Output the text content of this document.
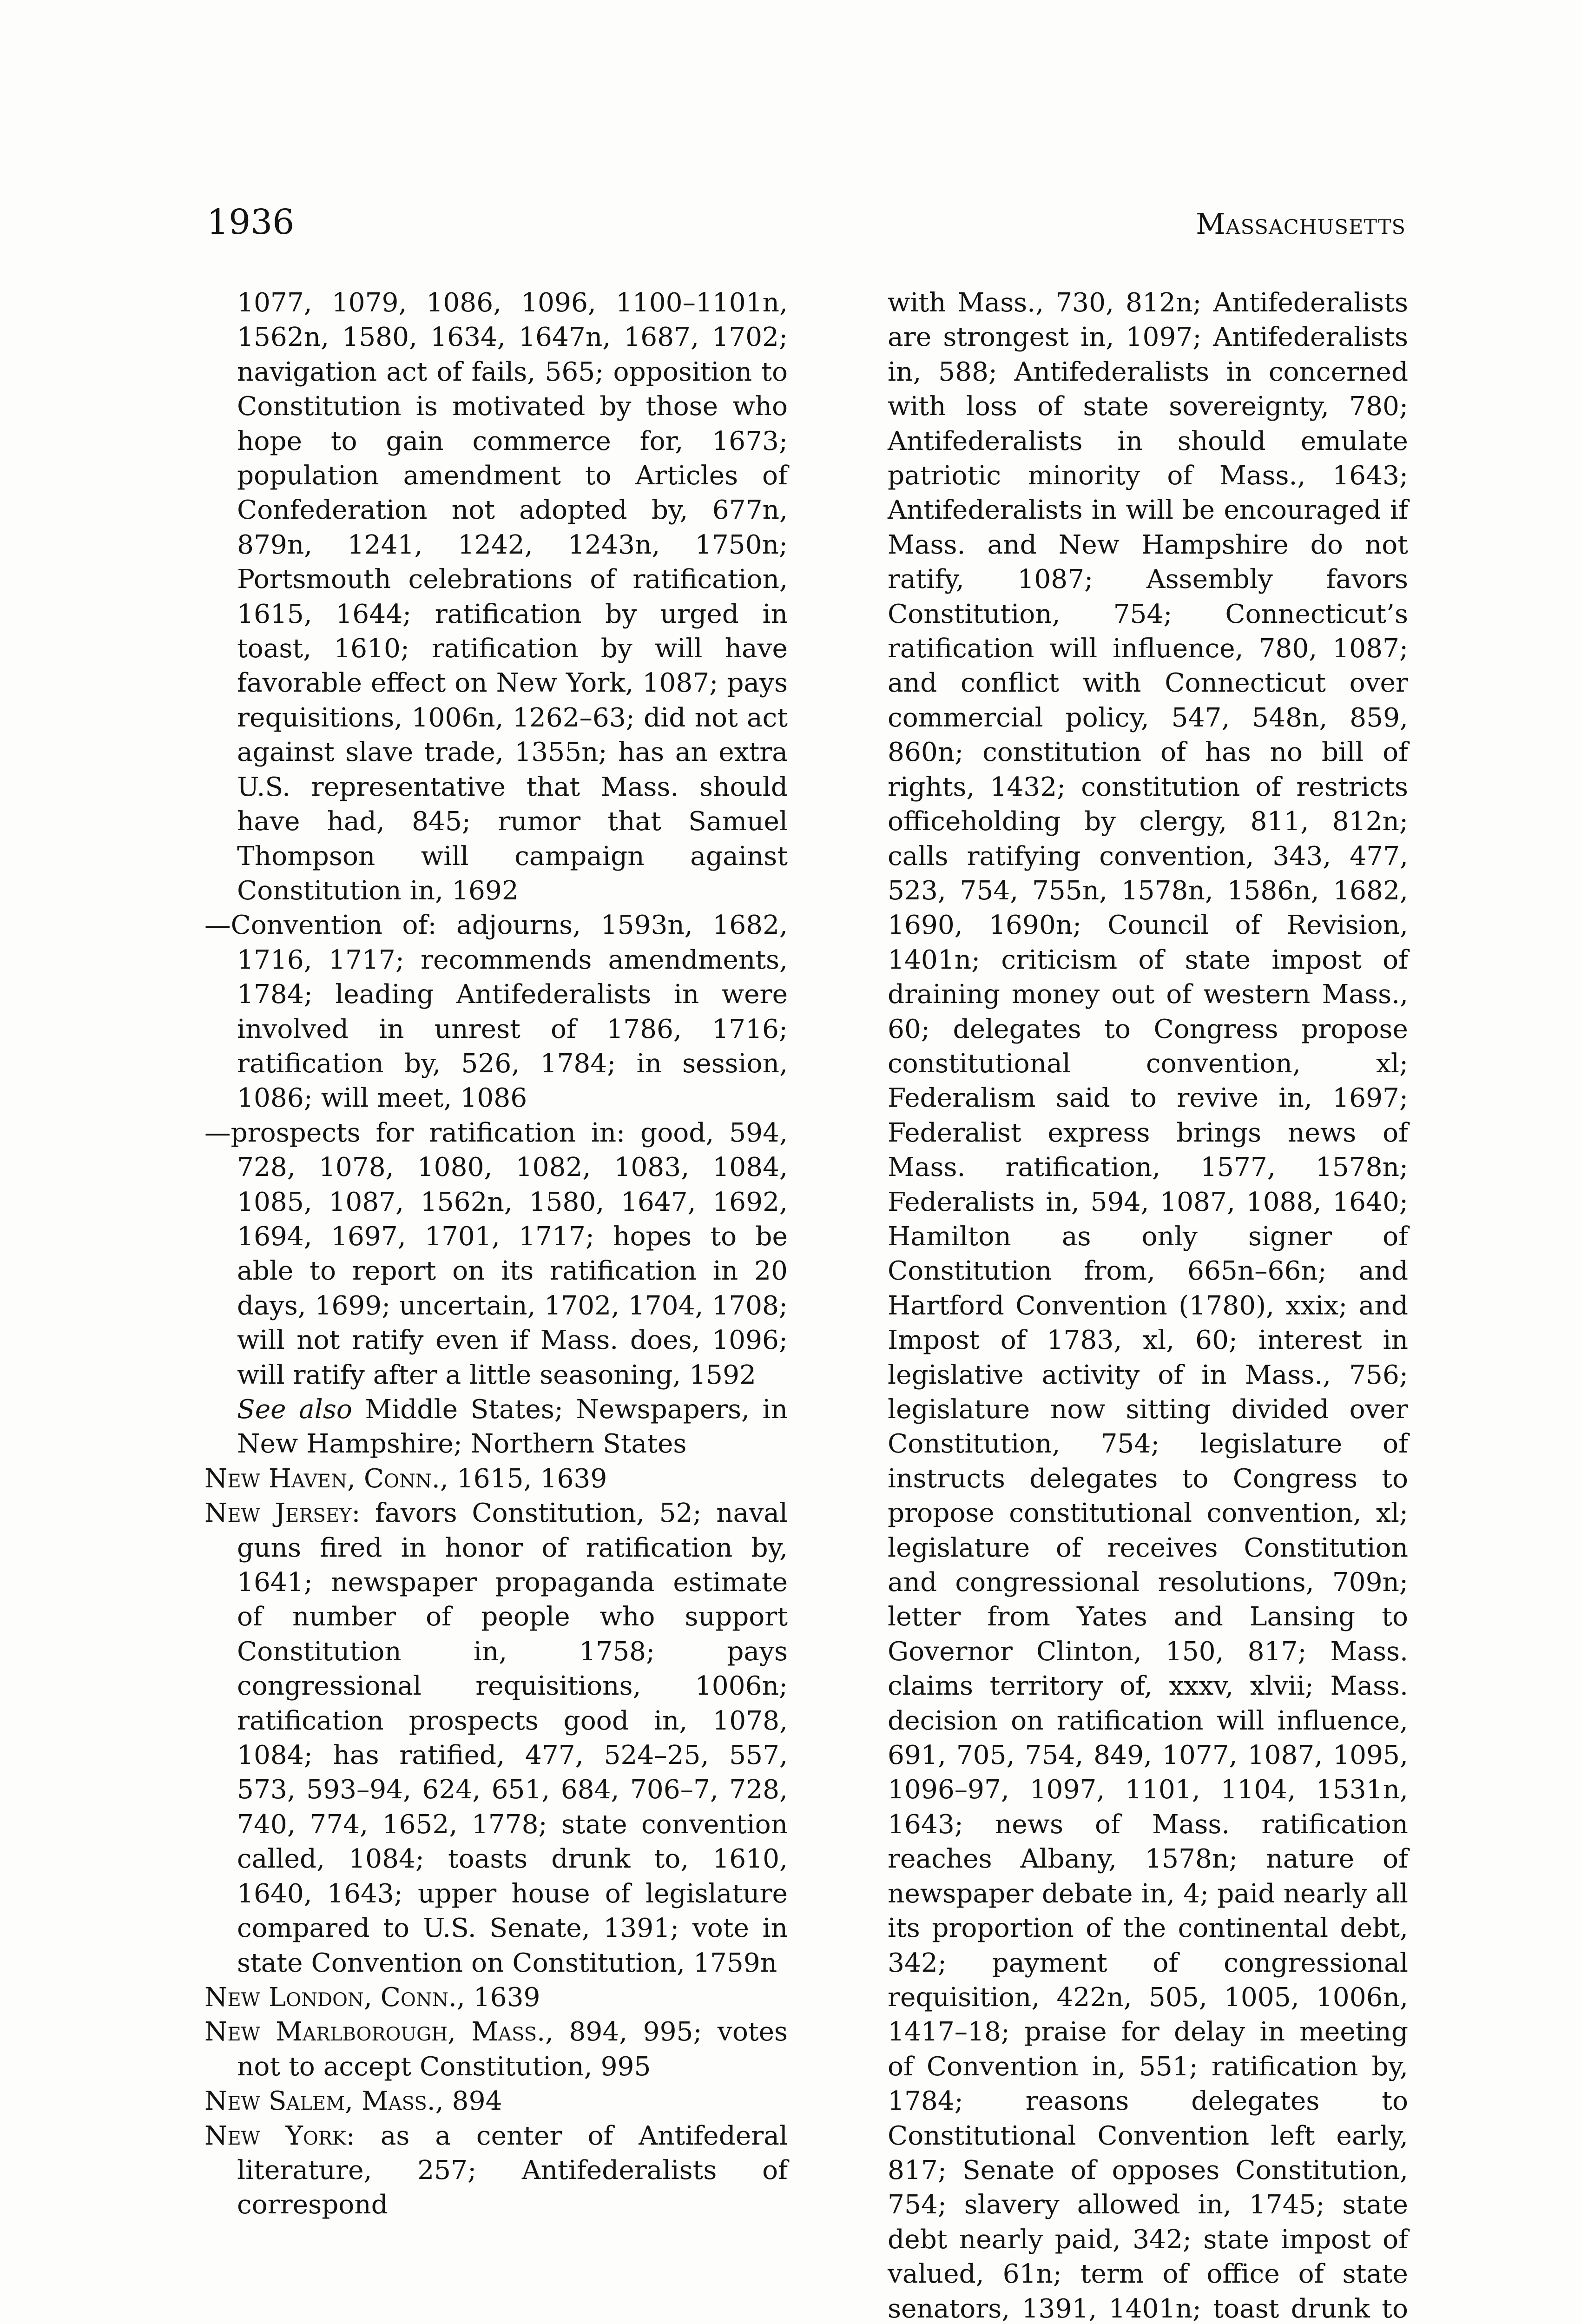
1936	Massachusetts

1077, 1079, 1086, 1096, 1100–1101n, 1562n, 1580, 1634, 1647n, 1687, 1702; navigation act of fails, 565; opposition to Constitution is motivated by those who hope to gain commerce for, 1673; population amendment to Articles of Confederation not adopted by, 677n, 879n, 1241, 1242, 1243n, 1750n; Portsmouth celebrations of ratification, 1615, 1644; ratification by urged in toast, 1610; ratification by will have favorable effect on New York, 1087; pays requisitions, 1006n, 1262–63; did not act against slave trade, 1355n; has an extra U.S. representative that Mass. should have had, 845; rumor that Samuel Thompson will campaign against Constitution in, 1692

—Convention of: adjourns, 1593n, 1682, 1716, 1717; recommends amendments, 1784; leading Antifederalists in were involved in unrest of 1786, 1716; ratification by, 526, 1784; in session, 1086; will meet, 1086

—prospects for ratification in: good, 594, 728, 1078, 1080, 1082, 1083, 1084, 1085, 1087, 1562n, 1580, 1647, 1692, 1694, 1697, 1701, 1717; hopes to be able to report on its ratification in 20 days, 1699; uncertain, 1702, 1704, 1708; will not ratify even if Mass. does, 1096; will ratify after a little seasoning, 1592

See also Middle States; Newspapers, in New Hampshire; Northern States

New Haven, Conn., 1615, 1639

New Jersey: favors Constitution, 52; naval guns fired in honor of ratification by, 1641; newspaper propaganda estimate of number of people who support Constitution in, 1758; pays congressional requisitions, 1006n; ratification prospects good in, 1078, 1084; has ratified, 477, 524–25, 557, 573, 593–94, 624, 651, 684, 706–7, 728, 740, 774, 1652, 1778; state convention called, 1084; toasts drunk to, 1610, 1640, 1643; upper house of legislature compared to U.S. Senate, 1391; vote in state Convention on Constitution, 1759n

New London, Conn., 1639

New Marlborough, Mass., 894, 995; votes not to accept Constitution, 995

New Salem, Mass., 894

New York: as a center of Antifederal literature, 257; Antifederalists of correspond

with Mass., 730, 812n; Antifederalists are strongest in, 1097; Antifederalists in, 588; Antifederalists in concerned with loss of state sovereignty, 780; Antifederalists in should emulate patriotic minority of Mass., 1643; Antifederalists in will be encouraged if Mass. and New Hampshire do not ratify, 1087; Assembly favors Constitution, 754; Connecticut’s ratification will influence, 780, 1087; and conflict with Connecticut over commercial policy, 547, 548n, 859, 860n; constitution of has no bill of rights, 1432; constitution of restricts officeholding by clergy, 811, 812n; calls ratifying convention, 343, 477, 523, 754, 755n, 1578n, 1586n, 1682, 1690, 1690n; Council of Revision, 1401n; criticism of state impost of draining money out of western Mass., 60; delegates to Congress propose constitutional convention, xl; Federalism said to revive in, 1697; Federalist express brings news of Mass. ratification, 1577, 1578n; Federalists in, 594, 1087, 1088, 1640; Hamilton as only signer of Constitution from, 665n–66n; and Hartford Convention (1780), xxix; and Impost of 1783, xl, 60; interest in legislative activity of in Mass., 756; legislature now sitting divided over Constitution, 754; legislature of instructs delegates to Congress to propose constitutional convention, xl; legislature of receives Constitution and congressional resolutions, 709n; letter from Yates and Lansing to Governor Clinton, 150, 817; Mass. claims territory of, xxxv, xlvii; Mass. decision on ratification will influence, 691, 705, 754, 849, 1077, 1087, 1095, 1096–97, 1097, 1101, 1104, 1531n, 1643; news of Mass. ratification reaches Albany, 1578n; nature of newspaper debate in, 4; paid nearly all its proportion of the continental debt, 342; payment of congressional requisition, 422n, 505, 1005, 1006n, 1417–18; praise for delay in meeting of Convention in, 551; ratification by, 1784; reasons delegates to Constitutional Convention left early, 817; Senate of opposes Constitution, 754; slavery allowed in, 1745; state debt nearly paid, 342; state impost of valued, 61n; term of office of state senators, 1391, 1401n; toast drunk to
